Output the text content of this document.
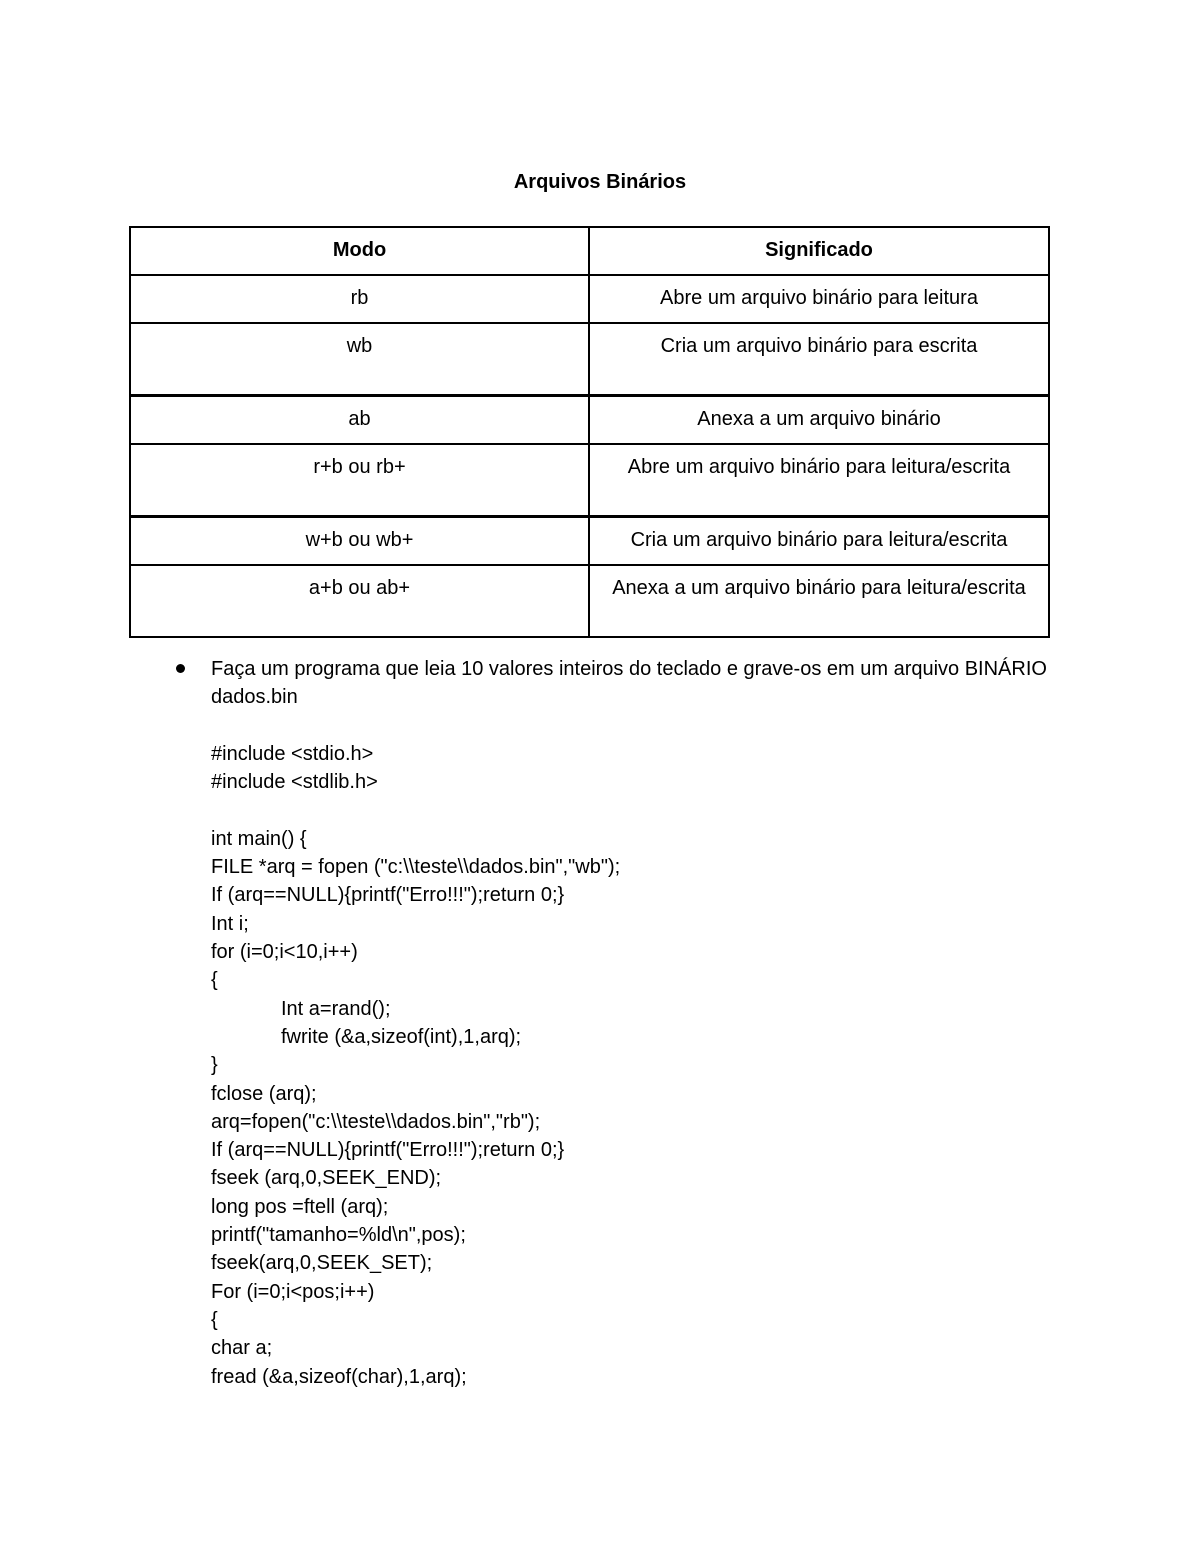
Arquivos Binários
Modo	Significado
rb	Abre um arquivo binário para leitura
wb	Cria um arquivo binário para escrita
ab	Anexa a um arquivo binário
r+b ou rb+	Abre um arquivo binário para leitura/escrita
w+b ou wb+	Cria um arquivo binário para leitura/escrita
a+b ou ab+	Anexa a um arquivo binário para leitura/escrita
Faça um programa que leia 10 valores inteiros do teclado e grave-os em um arquivo BINÁRIO dados.bin
#include <stdio.h>
#include <stdlib.h>
int main() {
FILE *arq = fopen ("c:\\teste\\dados.bin","wb");
If (arq==NULL){printf("Erro!!!");return 0;}
Int i;
for (i=0;i<10,i++)
{
Int a=rand();
fwrite (&a,sizeof(int),1,arq);
}
fclose (arq);
arq=fopen("c:\\teste\\dados.bin","rb");
If (arq==NULL){printf("Erro!!!");return 0;}
fseek (arq,0,SEEK_END);
long pos =ftell (arq);
printf("tamanho=%ld\n",pos);
fseek(arq,0,SEEK_SET);
For (i=0;i<pos;i++)
{
char a;
fread (&a,sizeof(char),1,arq);
